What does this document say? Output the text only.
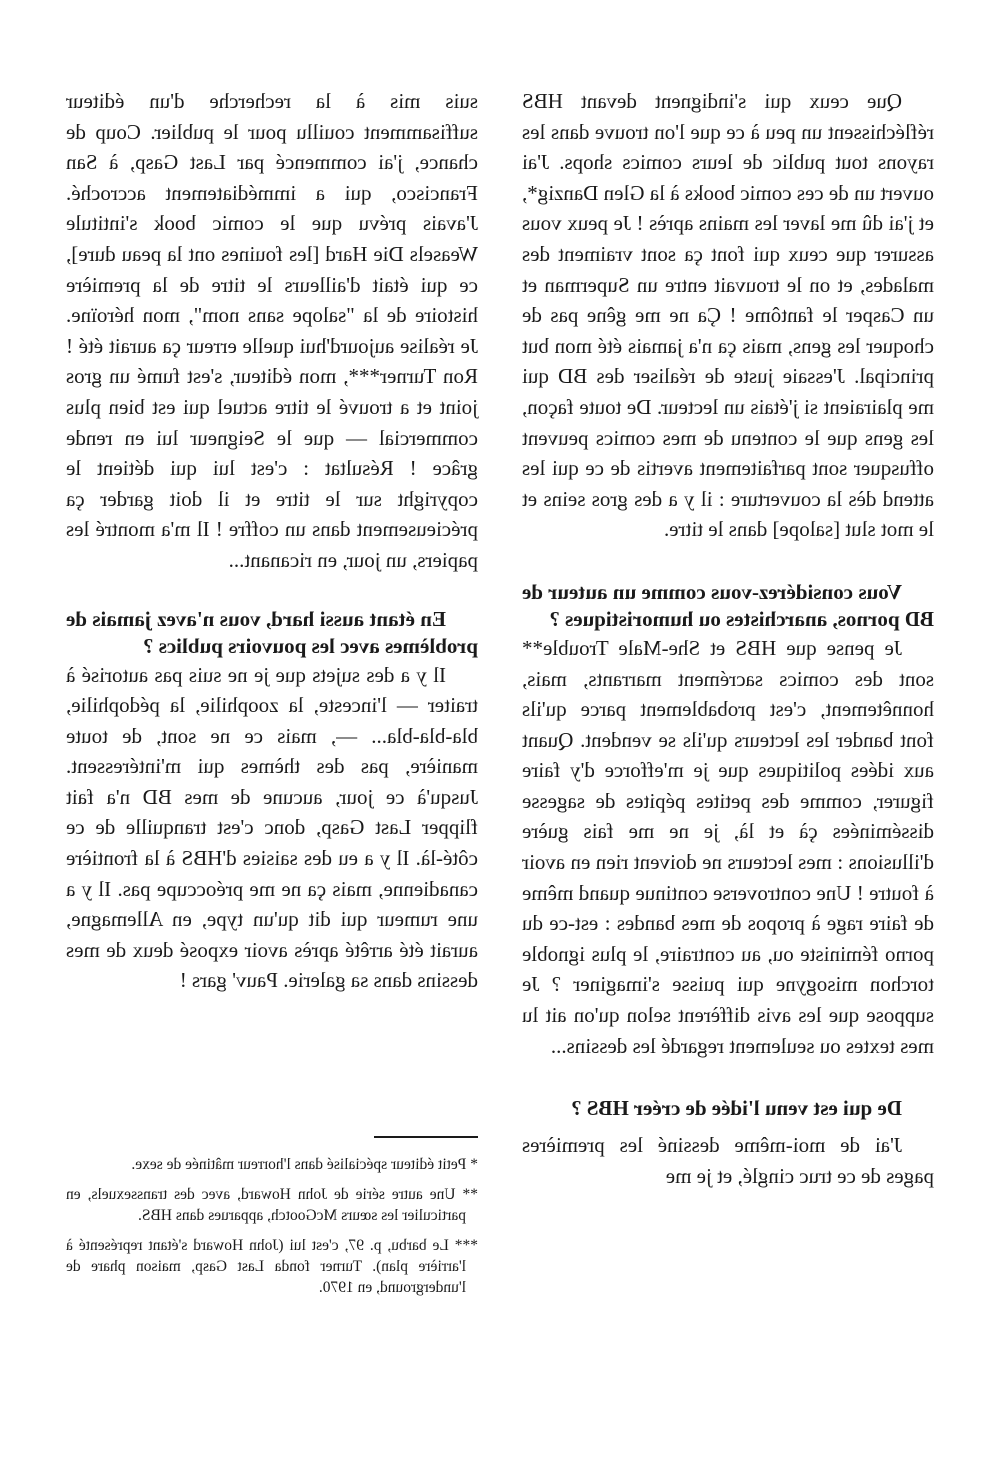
Que ceux qui s'indignent devant HBS réfléchissent un peu à ce que l'on trouve dans les rayons tout public de leurs comics shops. J'ai ouvert un de ces comic books à la Glen Danzig*, et j'ai dû me laver les mains après ! Je peux vous assurer que ceux qui font ça sont vraiment des malades, et on le trouvait entre un Superman et un Casper le fantôme ! Ça ne me gêne pas de choquer les gens, mais ça n'a jamais été mon but principal. J'essaie juste de réaliser des BD qui me plairaient si j'étais un lecteur. De toute façon, les gens que le contenu de mes comics peuvent offusquer sont parfaitement avertis de ce qui les attend dès la couverture : il y a des gros seins et le mot slut [salope] dans le titre.

Vous considérez-vous comme un auteur de BD pornos, anarchistes ou humoristiques ?

Je pense que HBS et She-Male Trouble** sont des comics sacrément marrants, mais, honnêtement, c'est probablement parce qu'ils font bander les lecteurs qu'ils se vendent. Quant aux idées politiques que je m'efforce d'y faire figurer, comme des petites pépites de sagesse disséminées çà et là, je ne me fais guère d'illusions : mes lecteurs ne doivent rien en avoir à foutre ! Une controverse continue quand même de faire rage à propos de mes bandes : est-ce du porno féministe ou, au contraire, le plus ignoble torchon misogyne qui puisse s'imaginer ? Je suppose que les avis diffèrent selon qu'on ait lu mes textes ou seulement regardé les dessins...

De qui est venu l'idée de créer HBS ?

J'ai de moi-même dessiné les premières pages de ce truc cinglé, et je me

suis mis à la recherche d'un éditeur suffisamment couillu pour le publier. Coup de chance, j'ai commencé par Last Gasp, à San Francisco, qui a immédiatement accroché. J'avais prévu que le comic book s'intitule Weasels Die Hard [les fouines ont la peau dure], ce qui était d'ailleurs le titre de la première histoire de la "salope sans nom", mon héroïne. Je réalise aujourd'hui quelle erreur ça aurait été ! Ron Turner***, mon éditeur, s'est fumé un gros joint et a trouvé le titre actuel qui est bien plus commercial — que le Seigneur lui en rende grâce ! Résultat : c'est lui qui détient le copyright sur le titre et il doit garder ça précieusement dans un coffre ! Il m'a montré les papiers, un jour, en ricanant...

En étant aussi hard, vous n'avez jamais de problèmes avec les pouvoirs publics ?

Il y a des sujets que je ne suis pas autorisé à traiter — l'inceste, la zoophilie, la pédophilie, bla-bla-bla... —, mais ce ne sont, de toute manière, pas des thèmes qui m'intéressent. Jusqu'à ce jour, aucune de mes BD n'a fait flipper Last Gasp, donc c'est tranquille de ce côté-là. Il y a eu des saisies d'HBS à la frontière canadienne, mais ça ne me préoccupe pas. Il y a une rumeur qui dit qu'un type, en Allemagne, aurait été arrêté après avoir exposé deux de mes dessins dans sa galerie. Pauv' gars !

* Petit éditeur spécialisé dans l'horreur mâtinée de sexe.

** Une autre série de John Howard, avec des transsexuels, en particulier les sœurs McGootch, apparues dans HBS.

*** Le barbu, p. 97, c'est lui (John Howard s'étant représenté à l'arrière plan). Turner fonda Last Gasp, maison phare de l'underground, en 1970.
